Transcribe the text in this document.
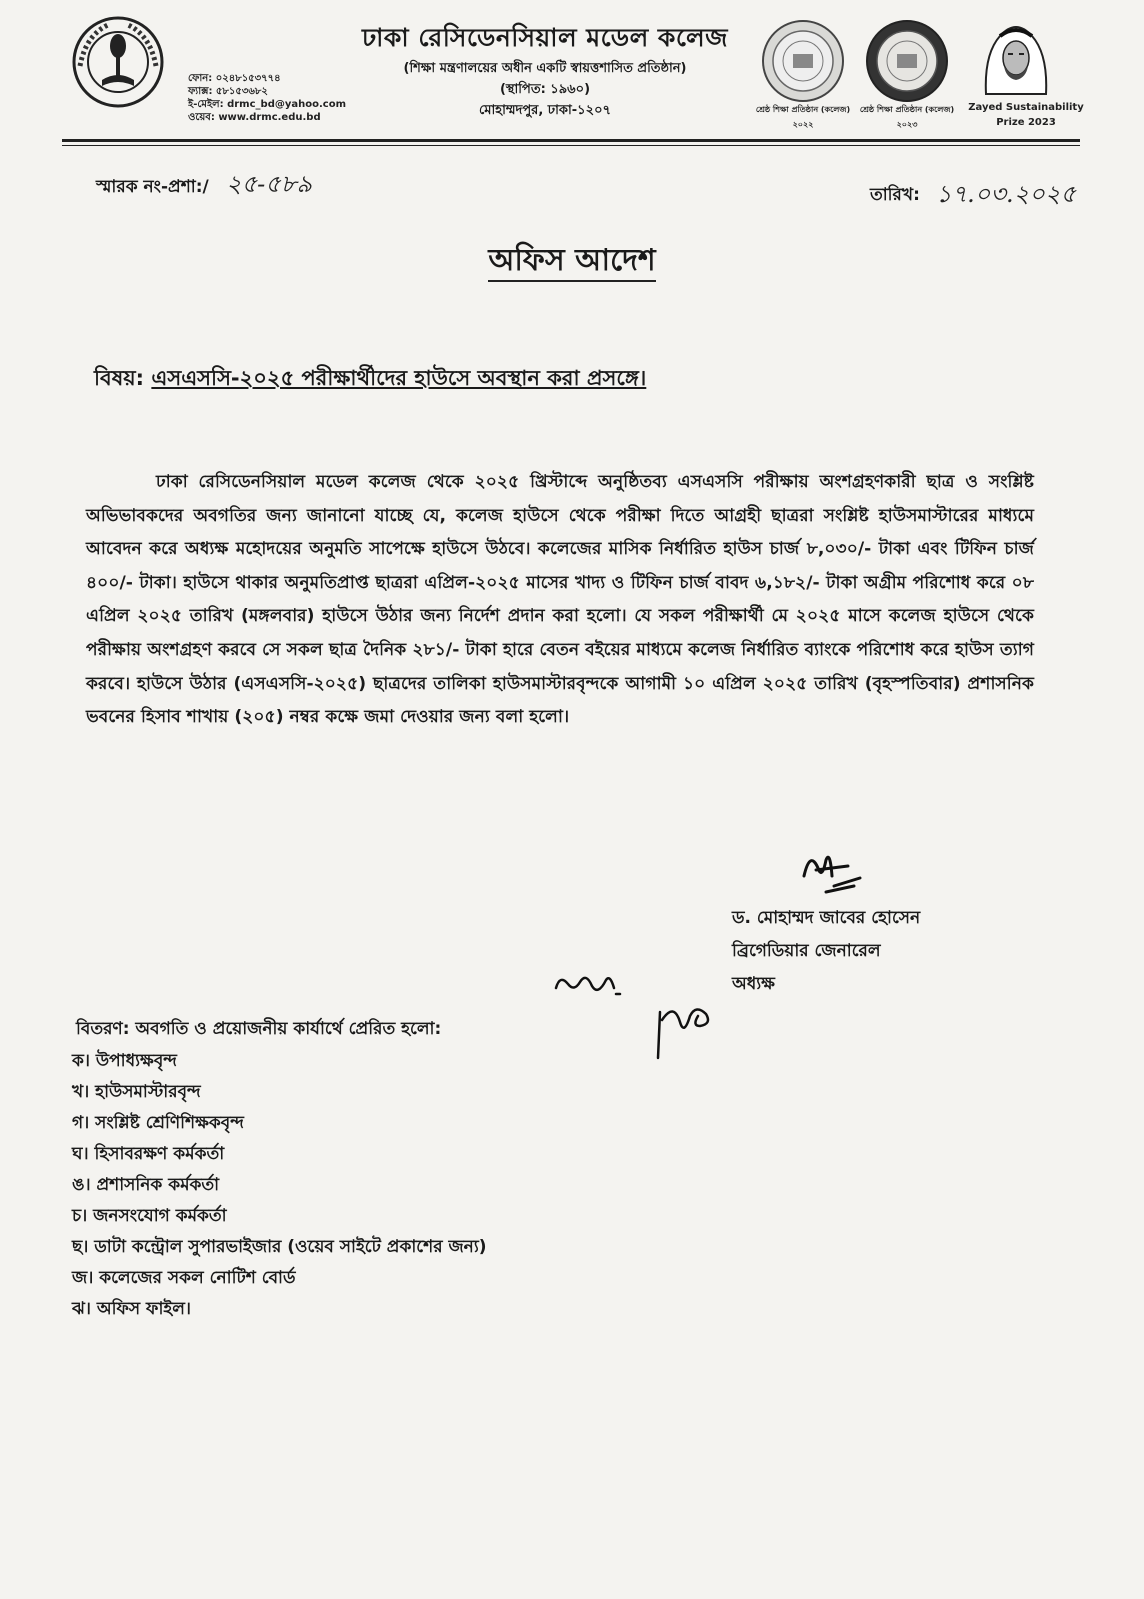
ফোন: ০২৪৮১৫৩৭৭৪
ফ্যাক্স: ৫৮১৫৩৬৮২
ই-মেইল: drmc_bd@yahoo.com
ওয়েব: www.drmc.edu.bd
ঢাকা রেসিডেনসিয়াল মডেল কলেজ
(শিক্ষা মন্ত্রণালয়ের অধীন একটি স্বায়ত্তশাসিত প্রতিষ্ঠান)
(স্থাপিত: ১৯৬০)
মোহাম্মদপুর, ঢাকা-১২০৭	শ্রেষ্ঠ শিক্ষা প্রতিষ্ঠান (কলেজ)
২০২২
শ্রেষ্ঠ শিক্ষা প্রতিষ্ঠান (কলেজ)
২০২৩
Zayed Sustainability
Prize 2023
স্মারক নং-প্রশা:/ ২৫-৫৮৯	তারিখ: ১৭.০৩.২০২৫
অফিস আদেশ
বিষয়: এসএসসি-২০২৫ পরীক্ষার্থীদের হাউসে অবস্থান করা প্রসঙ্গে।

ঢাকা রেসিডেনসিয়াল মডেল কলেজ থেকে ২০২৫ খ্রিস্টাব্দে অনুষ্ঠিতব্য এসএসসি পরীক্ষায় অংশগ্রহণকারী ছাত্র ও সংশ্লিষ্ট অভিভাবকদের অবগতির জন্য জানানো যাচ্ছে যে, কলেজ হাউসে থেকে পরীক্ষা দিতে আগ্রহী ছাত্ররা সংশ্লিষ্ট হাউসমাস্টারের মাধ্যমে আবেদন করে অধ্যক্ষ মহোদয়ের অনুমতি সাপেক্ষে হাউসে উঠবে। কলেজের মাসিক নির্ধারিত হাউস চার্জ ৮,০৩০/- টাকা এবং টিফিন চার্জ ৪০০/- টাকা। হাউসে থাকার অনুমতিপ্রাপ্ত ছাত্ররা এপ্রিল-২০২৫ মাসের খাদ্য ও টিফিন চার্জ বাবদ ৬,১৮২/- টাকা অগ্রীম পরিশোধ করে ০৮ এপ্রিল ২০২৫ তারিখ (মঙ্গলবার) হাউসে উঠার জন্য নির্দেশ প্রদান করা হলো। যে সকল পরীক্ষার্থী মে ২০২৫ মাসে কলেজ হাউসে থেকে পরীক্ষায় অংশগ্রহণ করবে সে সকল ছাত্র দৈনিক ২৮১/- টাকা হারে বেতন বইয়ের মাধ্যমে কলেজ নির্ধারিত ব্যাংকে পরিশোধ করে হাউস ত্যাগ করবে। হাউসে উঠার (এসএসসি-২০২৫) ছাত্রদের তালিকা হাউসমাস্টারবৃন্দকে আগামী ১০ এপ্রিল ২০২৫ তারিখ (বৃহস্পতিবার) প্রশাসনিক ভবনের হিসাব শাখায় (২০৫) নম্বর কক্ষে জমা দেওয়ার জন্য বলা হলো।

ড. মোহাম্মদ জাবের হোসেন
ব্রিগেডিয়ার জেনারেল
অধ্যক্ষ
বিতরণ: অবগতি ও প্রয়োজনীয় কার্যার্থে প্রেরিত হলো:
ক। উপাধ্যক্ষবৃন্দ
খ। হাউসমাস্টারবৃন্দ
গ। সংশ্লিষ্ট শ্রেণিশিক্ষকবৃন্দ
ঘ। হিসাবরক্ষণ কর্মকর্তা
ঙ। প্রশাসনিক কর্মকর্তা
চ। জনসংযোগ কর্মকর্তা
ছ। ডাটা কন্ট্রোল সুপারভাইজার (ওয়েব সাইটে প্রকাশের জন্য)
জ। কলেজের সকল নোটিশ বোর্ড
ঝ। অফিস ফাইল।
